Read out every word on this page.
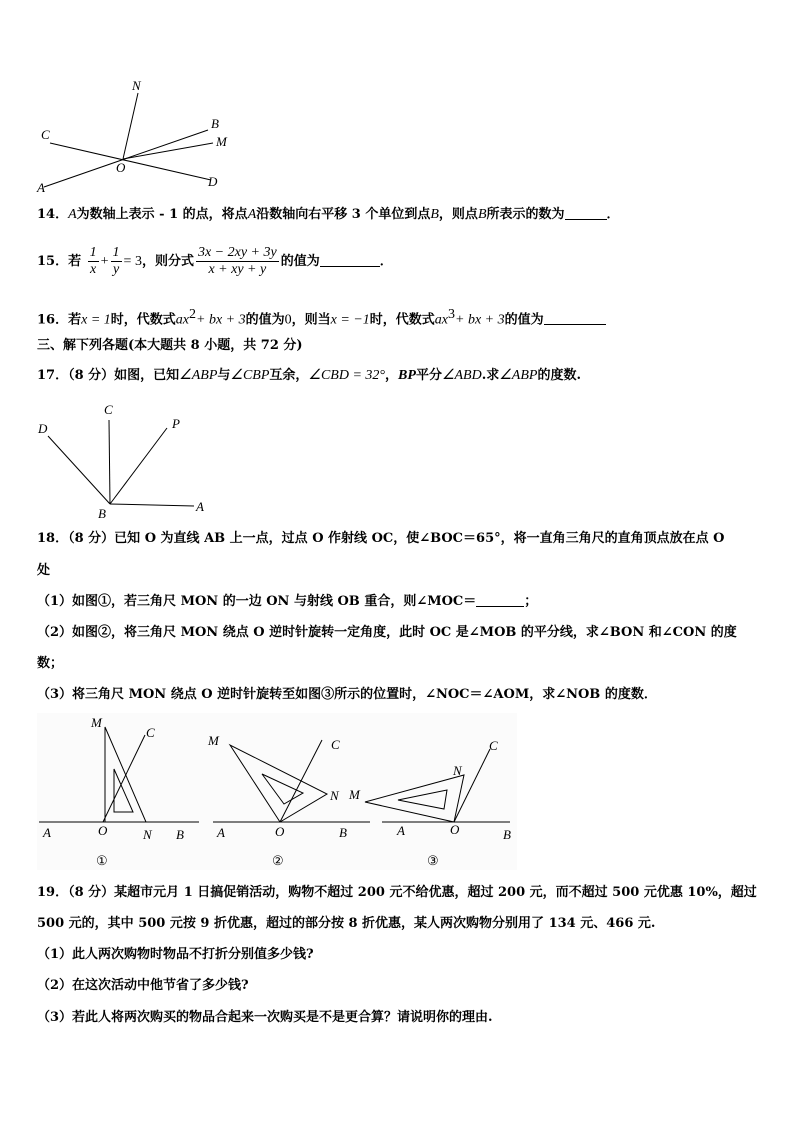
N
C
B
M
O
A	D
14．A为数轴上表示 - 1 的点，将点A沿数轴向右平移 3 个单位到点B，则点B所表示的数为	．
15．若 $\frac{1}{x} + \frac{1}{y} = 3$，则分式 $\frac{3x - 2xy + 3y}{x + xy + y}$ 的值为	．
16．若x = 1时，代数式$ax^2+$ bx + 3的值为0，则当x = −1时，代数式$ax^3+$ bx + 3的值为
三、解下列各题(本大题共 8 小题，共 72 分)
17．（8 分）如图，已知∠ABP与∠CBP互余，∠CBD = 32°，BP平分∠ABD.求∠ABP的度数.
C
D	P
B	A
18．（8 分）已知 O 为直线 AB 上一点，过点 O 作射线 OC，使∠BOC＝65°，将一直角三角尺的直角顶点放在点 O
处
（1）如图①，若三角尺 MON 的一边 ON 与射线 OB 重合，则∠MOC＝	；
（2）如图②，将三角尺 MON 绕点 O 逆时针旋转一定角度，此时 OC 是∠MOB 的平分线，求∠BON 和∠CON 的度
数；
（3）将三角尺 MON 绕点 O 逆时针旋转至如图③所示的位置时，∠NOC＝∠AOM，求∠NOB 的度数．
M
C
A	O	N B
①
M	C
N
A	O	B
②
C
N
M
A	O	B
③
19．（8 分）某超市元月 1 日搞促销活动，购物不超过 200 元不给优惠，超过 200 元，而不超过 500 元优惠 10%，超过
500 元的，其中 500 元按 9 折优惠，超过的部分按 8 折优惠，某人两次购物分别用了 134 元、466 元.
（1）此人两次购物时物品不打折分别值多少钱?
（2）在这次活动中他节省了多少钱?
（3）若此人将两次购买的物品合起来一次购买是不是更合算？请说明你的理由.
